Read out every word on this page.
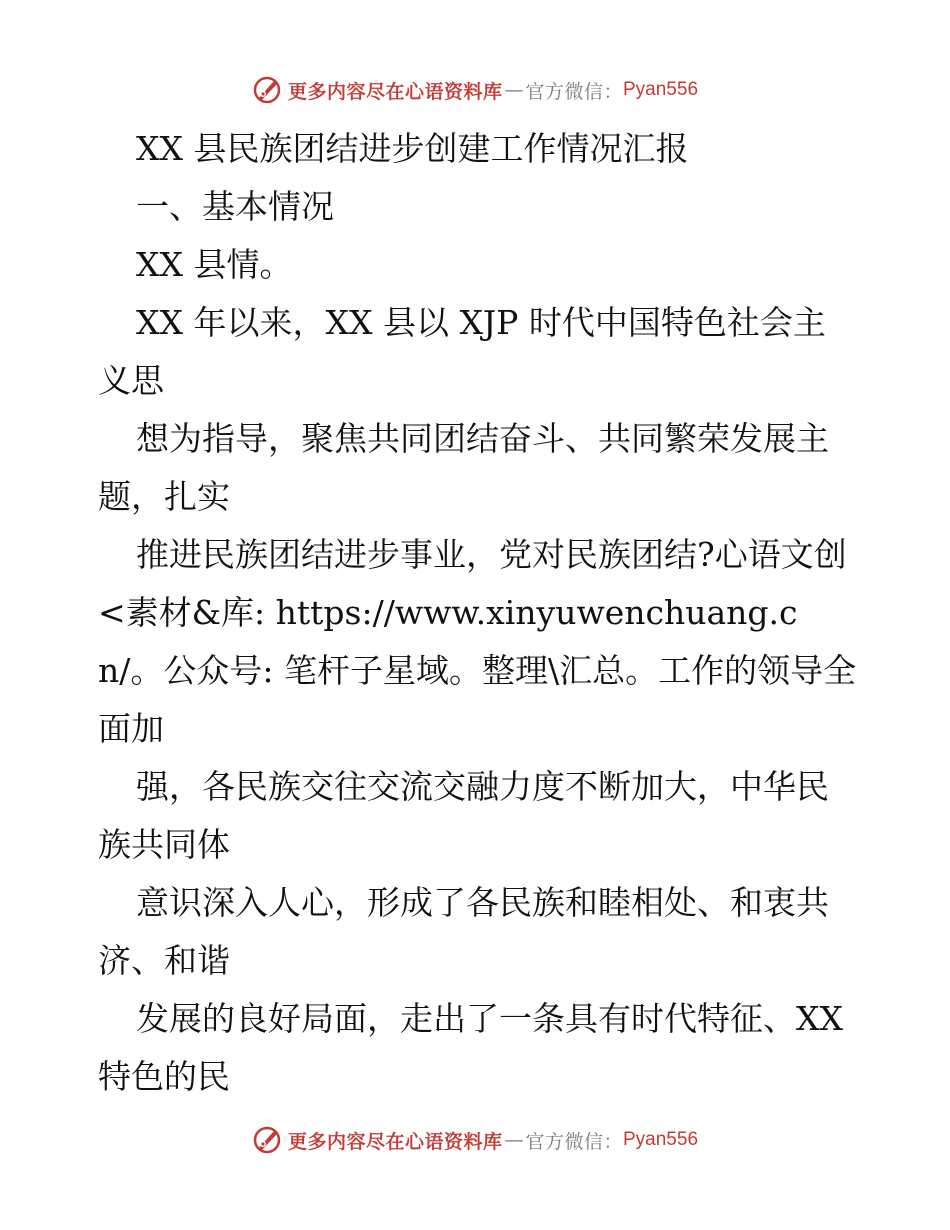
更多内容尽在心语资料库 — 官方微信： Pyan556

XX 县民族团结进步创建工作情况汇报

一、基本情况

XX 县情。

XX 年以来，XX 县以 XJP 时代中国特色社会主义思

想为指导，聚焦共同团结奋斗、共同繁荣发展主题，扎实

推进民族团结进步事业，党对民族团结?心语文创<素材&库: https://www.xinyuwenchuang.cn/。公众号: 笔杆子星域。整理\汇总。工作的领导全面加

强，各民族交往交流交融力度不断加大，中华民族共同体

意识深入人心，形成了各民族和睦相处、和衷共济、和谐

发展的良好局面，走出了一条具有时代特征、XX 特色的民

更多内容尽在心语资料库 — 官方微信： Pyan556
